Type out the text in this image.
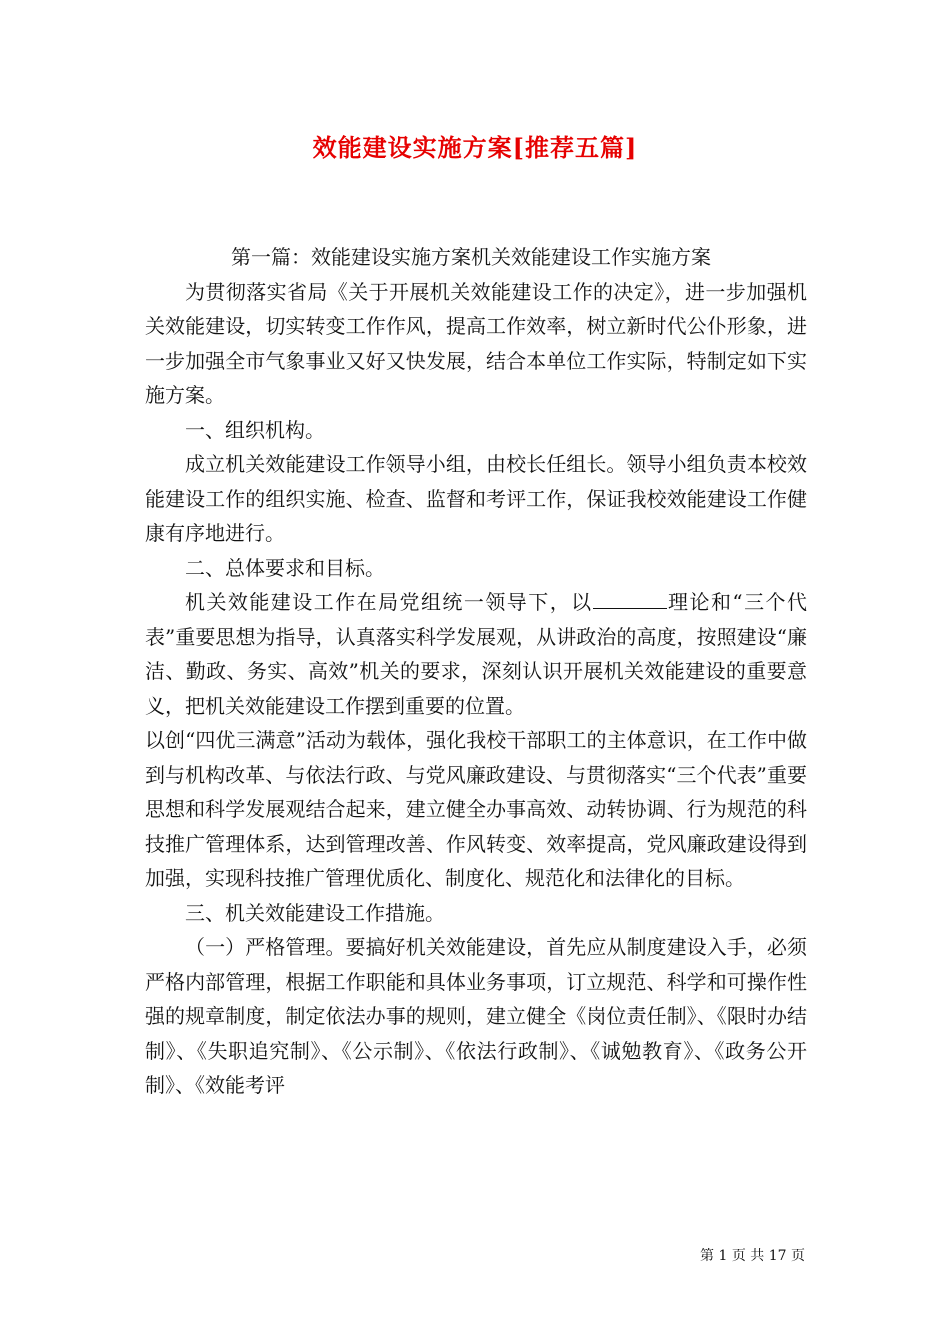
效能建设实施方案[推荐五篇]

第一篇：效能建设实施方案机关效能建设工作实施方案

为贯彻落实省局《关于开展机关效能建设工作的决定》，进一步加强机关效能建设，切实转变工作作风，提高工作效率，树立新时代公仆形象，进一步加强全市气象事业又好又快发展，结合本单位工作实际，特制定如下实施方案。

一、组织机构。

成立机关效能建设工作领导小组，由校长任组长。领导小组负责本校效能建设工作的组织实施、检查、监督和考评工作，保证我校效能建设工作健康有序地进行。

二、总体要求和目标。

机关效能建设工作在局党组统一领导下，以	理论和“三个代表”重要思想为指导，认真落实科学发展观，从讲政治的高度，按照建设“廉洁、勤政、务实、高效”机关的要求，深刻认识开展机关效能建设的重要意义，把机关效能建设工作摆到重要的位置。

以创“四优三满意”活动为载体，强化我校干部职工的主体意识，在工作中做到与机构改革、与依法行政、与党风廉政建设、与贯彻落实“三个代表”重要思想和科学发展观结合起来，建立健全办事高效、动转协调、行为规范的科技推广管理体系，达到管理改善、作风转变、效率提高，党风廉政建设得到加强，实现科技推广管理优质化、制度化、规范化和法律化的目标。

三、机关效能建设工作措施。

（一）严格管理。要搞好机关效能建设，首先应从制度建设入手，必须严格内部管理，根据工作职能和具体业务事项，订立规范、科学和可操作性强的规章制度，制定依法办事的规则，建立健全《岗位责任制》、《限时办结制》、《失职追究制》、《公示制》、《依法行政制》、《诚勉教育》、《政务公开制》、《效能考评

第 1 页 共 17 页
